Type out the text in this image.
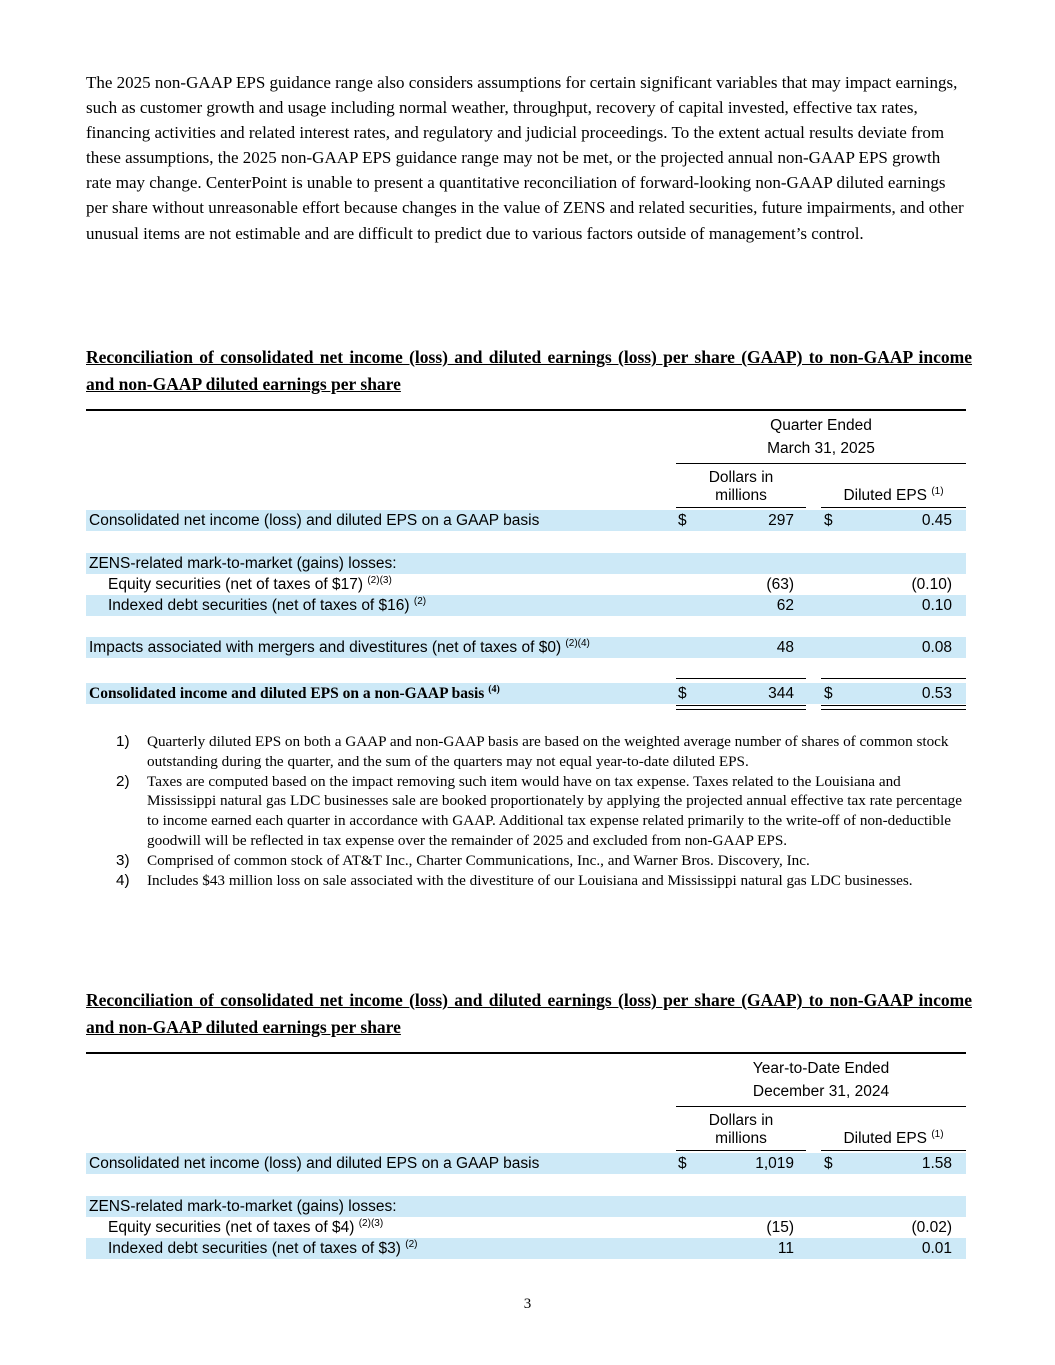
The 2025 non-GAAP EPS guidance range also considers assumptions for certain significant variables that may impact earnings, such as customer growth and usage including normal weather, throughput, recovery of capital invested, effective tax rates, financing activities and related interest rates, and regulatory and judicial proceedings. To the extent actual results deviate from these assumptions, the 2025 non-GAAP EPS guidance range may not be met, or the projected annual non-GAAP EPS growth rate may change. CenterPoint is unable to present a quantitative reconciliation of forward-looking non-GAAP diluted earnings per share without unreasonable effort because changes in the value of ZENS and related securities, future impairments, and other unusual items are not estimable and are difficult to predict due to various factors outside of management’s control.
Reconciliation of consolidated net income (loss) and diluted earnings (loss) per share (GAAP) to non-GAAP income and non-GAAP diluted earnings per share
Quarter Ended
March 31, 2025
Dollars in
millions	Diluted EPS $^{(1)}$
Consolidated net income (loss) and diluted EPS on a GAAP basis	$	297 $	0.45
ZENS-related mark-to-market (gains) losses:
Equity securities (net of taxes of $17) $^{(2)(3)}$	(63)	(0.10)
Indexed debt securities (net of taxes of $16) $^{(2)}$	62	0.10
Impacts associated with mergers and divestitures (net of taxes of $0) $^{(2)(4)}$	48	0.08
Consolidated income and diluted EPS on a non-GAAP basis $^{(4)}$	$	344 $	0.53
1) Quarterly diluted EPS on both a GAAP and non-GAAP basis are based on the weighted average number of shares of common stock outstanding during the quarter, and the sum of the quarters may not equal year-to-date diluted EPS.
2) Taxes are computed based on the impact removing such item would have on tax expense. Taxes related to the Louisiana and Mississippi natural gas LDC businesses sale are booked proportionately by applying the projected annual effective tax rate percentage to income earned each quarter in accordance with GAAP. Additional tax expense related primarily to the write-off of non-deductible goodwill will be reflected in tax expense over the remainder of 2025 and excluded from non-GAAP EPS.
3) Comprised of common stock of AT&T Inc., Charter Communications, Inc., and Warner Bros. Discovery, Inc.
4) Includes $43 million loss on sale associated with the divestiture of our Louisiana and Mississippi natural gas LDC businesses.
Reconciliation of consolidated net income (loss) and diluted earnings (loss) per share (GAAP) to non-GAAP income and non-GAAP diluted earnings per share
Year-to-Date Ended
December 31, 2024
Dollars in
millions	Diluted EPS $^{(1)}$
Consolidated net income (loss) and diluted EPS on a GAAP basis	$	1,019 $	1.58
ZENS-related mark-to-market (gains) losses:
Equity securities (net of taxes of $4) $^{(2)(3)}$	(15)	(0.02)
Indexed debt securities (net of taxes of $3) $^{(2)}$	11	0.01
3
